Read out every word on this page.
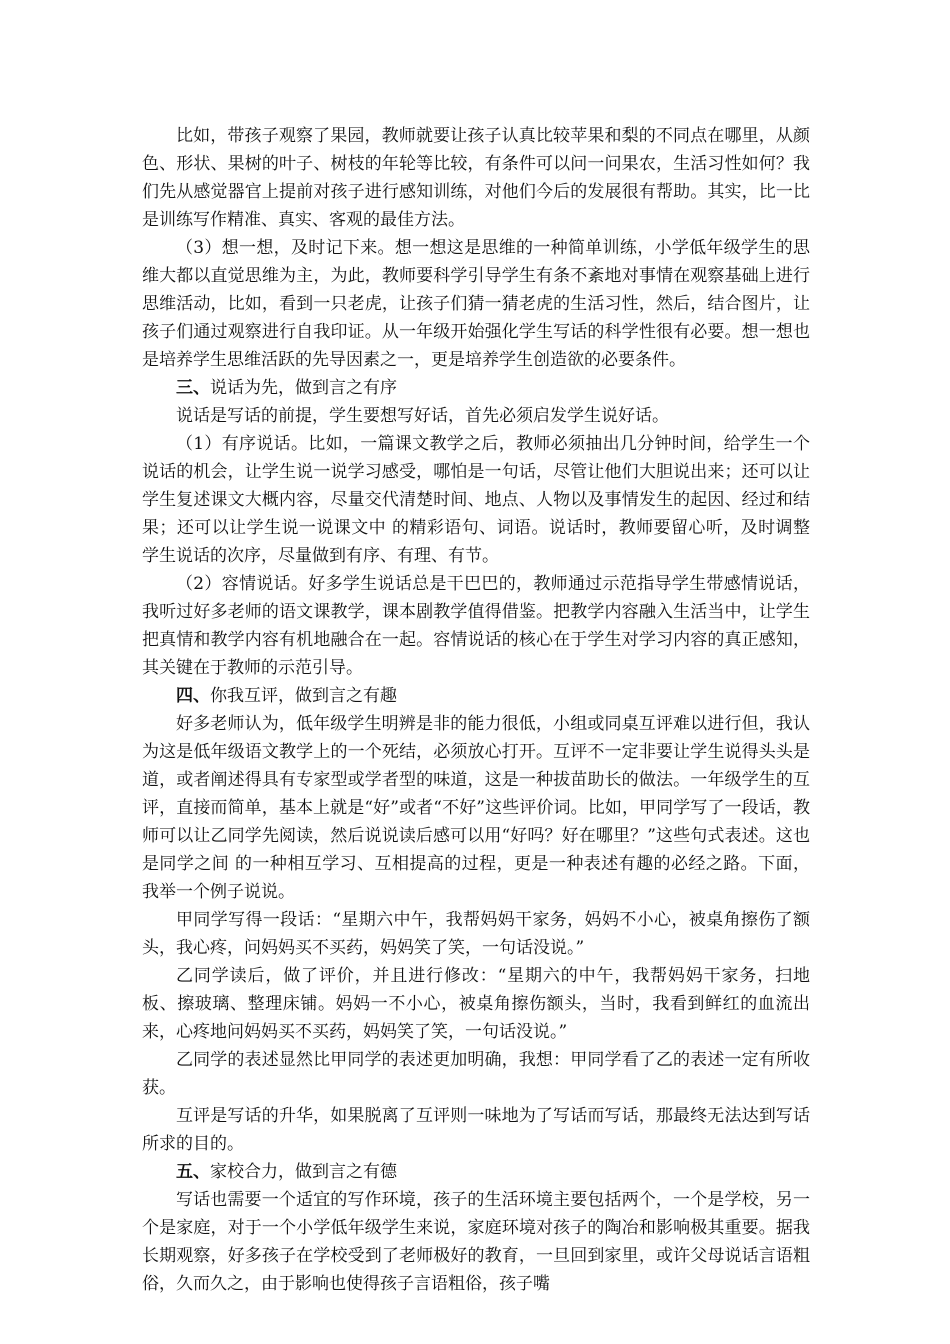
比如，带孩子观察了果园，教师就要让孩子认真比较苹果和梨的不同点在哪里，从颜色、形状、果树的叶子、树枝的年轮等比较，有条件可以问一问果农，生活习性如何？我们先从感觉器官上提前对孩子进行感知训练，对他们今后的发展很有帮助。其实，比一比是训练写作精准、真实、客观的最佳方法。

（3）想一想，及时记下来。想一想这是思维的一种简单训练，小学低年级学生的思维大都以直觉思维为主，为此，教师要科学引导学生有条不紊地对事情在观察基础上进行思维活动，比如，看到一只老虎，让孩子们猜一猜老虎的生活习性，然后，结合图片，让孩子们通过观察进行自我印证。从一年级开始强化学生写话的科学性很有必要。想一想也是培养学生思维活跃的先导因素之一，更是培养学生创造欲的必要条件。

三、说话为先，做到言之有序

说话是写话的前提，学生要想写好话，首先必须启发学生说好话。

（1）有序说话。比如，一篇课文教学之后，教师必须抽出几分钟时间，给学生一个说话的机会，让学生说一说学习感受，哪怕是一句话，尽管让他们大胆说出来；还可以让学生复述课文大概内容，尽量交代清楚时间、地点、人物以及事情发生的起因、经过和结果；还可以让学生说一说课文中 的精彩语句、词语。说话时，教师要留心听，及时调整学生说话的次序，尽量做到有序、有理、有节。

（2）容情说话。好多学生说话总是干巴巴的，教师通过示范指导学生带感情说话，我听过好多老师的语文课教学，课本剧教学值得借鉴。把教学内容融入生活当中，让学生把真情和教学内容有机地融合在一起。容情说话的核心在于学生对学习内容的真正感知，其关键在于教师的示范引导。

四、你我互评，做到言之有趣

好多老师认为，低年级学生明辨是非的能力很低，小组或同桌互评难以进行但，我认为这是低年级语文教学上的一个死结，必须放心打开。互评不一定非要让学生说得头头是道，或者阐述得具有专家型或学者型的味道，这是一种拔苗助长的做法。一年级学生的互评，直接而简单，基本上就是“好”或者“不好”这些评价词。比如，甲同学写了一段话，教师可以让乙同学先阅读，然后说说读后感可以用“好吗？好在哪里？”这些句式表述。这也是同学之间 的一种相互学习、互相提高的过程，更是一种表述有趣的必经之路。下面，我举一个例子说说。

甲同学写得一段话：“星期六中午，我帮妈妈干家务，妈妈不小心，被桌角擦伤了额头，我心疼，问妈妈买不买药，妈妈笑了笑，一句话没说。”

乙同学读后，做了评价，并且进行修改：“星期六的中午，我帮妈妈干家务，扫地板、擦玻璃、整理床铺。妈妈一不小心，被桌角擦伤额头，当时，我看到鲜红的血流出来，心疼地问妈妈买不买药，妈妈笑了笑，一句话没说。”

乙同学的表述显然比甲同学的表述更加明确，我想：甲同学看了乙的表述一定有所收获。

互评是写话的升华，如果脱离了互评则一味地为了写话而写话，那最终无法达到写话所求的目的。

五、家校合力，做到言之有德

写话也需要一个适宜的写作环境，孩子的生活环境主要包括两个，一个是学校，另一个是家庭，对于一个小学低年级学生来说，家庭环境对孩子的陶冶和影响极其重要。据我长期观察，好多孩子在学校受到了老师极好的教育，一旦回到家里，或许父母说话言语粗俗，久而久之，由于影响也使得孩子言语粗俗，孩子嘴
